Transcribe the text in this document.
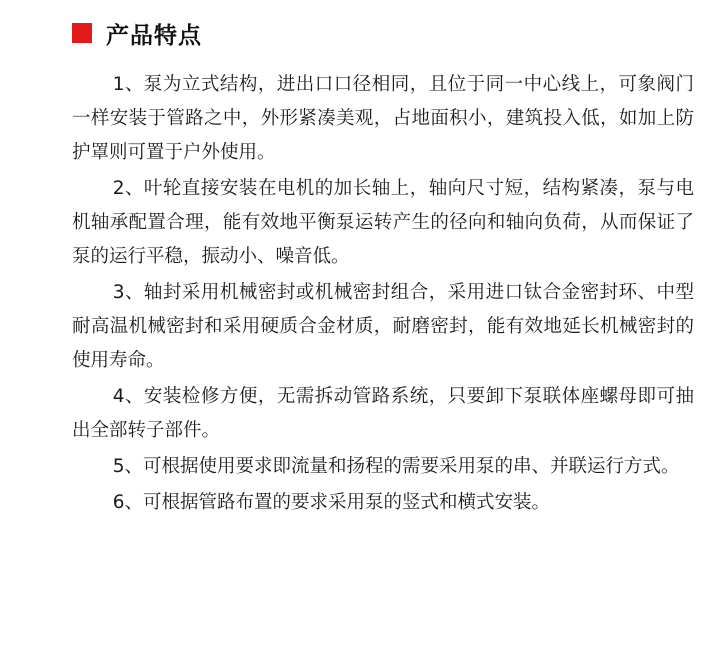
产品特点

1、泵为立式结构，进出口口径相同，且位于同一中心线上，可象阀门一样安装于管路之中，外形紧凑美观，占地面积小，建筑投入低，如加上防护罩则可置于户外使用。

2、叶轮直接安装在电机的加长轴上，轴向尺寸短，结构紧凑，泵与电机轴承配置合理，能有效地平衡泵运转产生的径向和轴向负荷，从而保证了泵的运行平稳，振动小、噪音低。

3、轴封采用机械密封或机械密封组合，采用进口钛合金密封环、中型耐高温机械密封和采用硬质合金材质，耐磨密封，能有效地延长机械密封的使用寿命。

4、安装检修方便，无需拆动管路系统，只要卸下泵联体座螺母即可抽出全部转子部件。

5、可根据使用要求即流量和扬程的需要采用泵的串、并联运行方式。

6、可根据管路布置的要求采用泵的竖式和横式安装。
